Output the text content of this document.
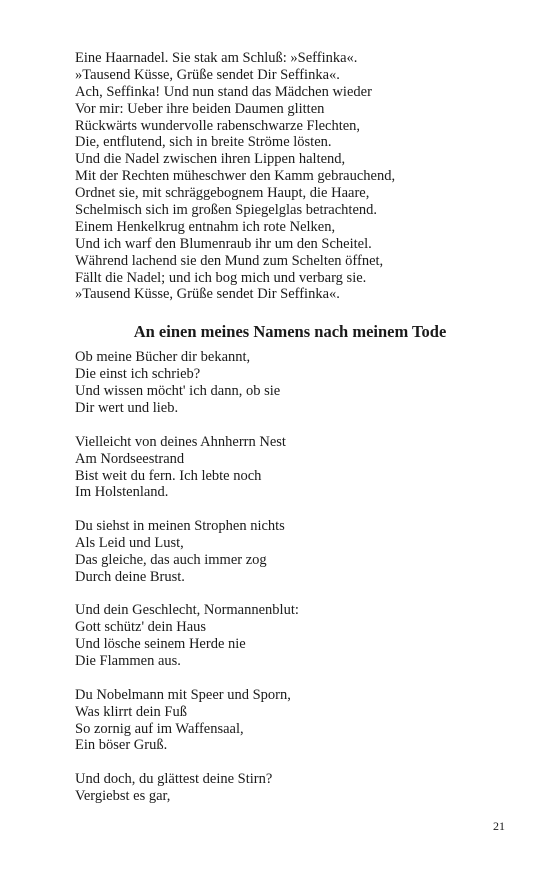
Eine Haarnadel. Sie stak am Schluß: »Seffinka«.
»Tausend Küsse, Grüße sendet Dir Seffinka«.
Ach, Seffinka! Und nun stand das Mädchen wieder
Vor mir: Ueber ihre beiden Daumen glitten
Rückwärts wundervolle rabenschwarze Flechten,
Die, entflutend, sich in breite Ströme lösten.
Und die Nadel zwischen ihren Lippen haltend,
Mit der Rechten müheschwer den Kamm gebrauchend,
Ordnet sie, mit schräggebognem Haupt, die Haare,
Schelmisch sich im großen Spiegelglas betrachtend.
Einem Henkelkrug entnahm ich rote Nelken,
Und ich warf den Blumenraub ihr um den Scheitel.
Während lachend sie den Mund zum Schelten öffnet,
Fällt die Nadel; und ich bog mich und verbarg sie.
»Tausend Küsse, Grüße sendet Dir Seffinka«.
An einen meines Namens nach meinem Tode
Ob meine Bücher dir bekannt,
Die einst ich schrieb?
Und wissen möcht' ich dann, ob sie
Dir wert und lieb.
Vielleicht von deines Ahnherrn Nest
Am Nordseestrand
Bist weit du fern. Ich lebte noch
Im Holstenland.
Du siehst in meinen Strophen nichts
Als Leid und Lust,
Das gleiche, das auch immer zog
Durch deine Brust.
Und dein Geschlecht, Normannenblut:
Gott schütz' dein Haus
Und lösche seinem Herde nie
Die Flammen aus.
Du Nobelmann mit Speer und Sporn,
Was klirrt dein Fuß
So zornig auf im Waffensaal,
Ein böser Gruß.
Und doch, du glättest deine Stirn?
Vergiebst es gar,
21
